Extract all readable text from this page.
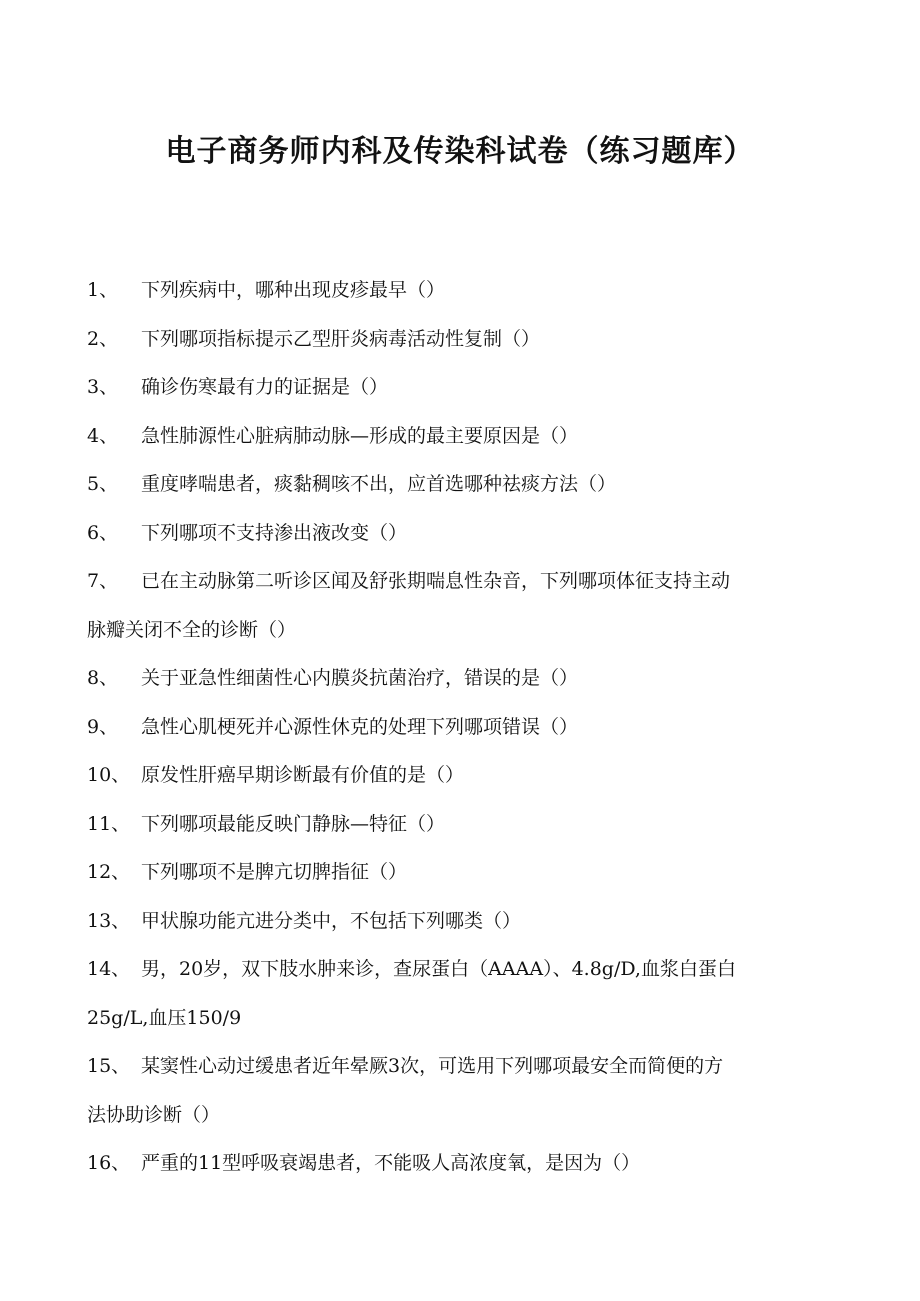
电子商务师内科及传染科试卷（练习题库）
1、 下列疾病中，哪种出现皮疹最早（）
2、 下列哪项指标提示乙型肝炎病毒活动性复制（）
3、 确诊伤寒最有力的证据是（）
4、 急性肺源性心脏病肺动脉—形成的最主要原因是（）
5、 重度哮喘患者，痰黏稠咳不出，应首选哪种祛痰方法（）
6、 下列哪项不支持渗出液改变（）
7、 已在主动脉第二听诊区闻及舒张期喘息性杂音，下列哪项体征支持主动
脉瓣关闭不全的诊断（）
8、 关于亚急性细菌性心内膜炎抗菌治疗，错误的是（）
9、 急性心肌梗死并心源性休克的处理下列哪项错误（）
10、 原发性肝癌早期诊断最有价值的是（）
11、 下列哪项最能反映门静脉—特征（）
12、 下列哪项不是脾亢切脾指征（）
13、 甲状腺功能亢进分类中，不包括下列哪类（）
14、 男，20岁，双下肢水肿来诊，查尿蛋白（AAAA）、4.8g/D,血浆白蛋白
25g/L,血压150/9
15、 某窦性心动过缓患者近年晕厥3次，可选用下列哪项最安全而简便的方
法协助诊断（）
16、 严重的11型呼吸衰竭患者，不能吸人高浓度氧，是因为（）
